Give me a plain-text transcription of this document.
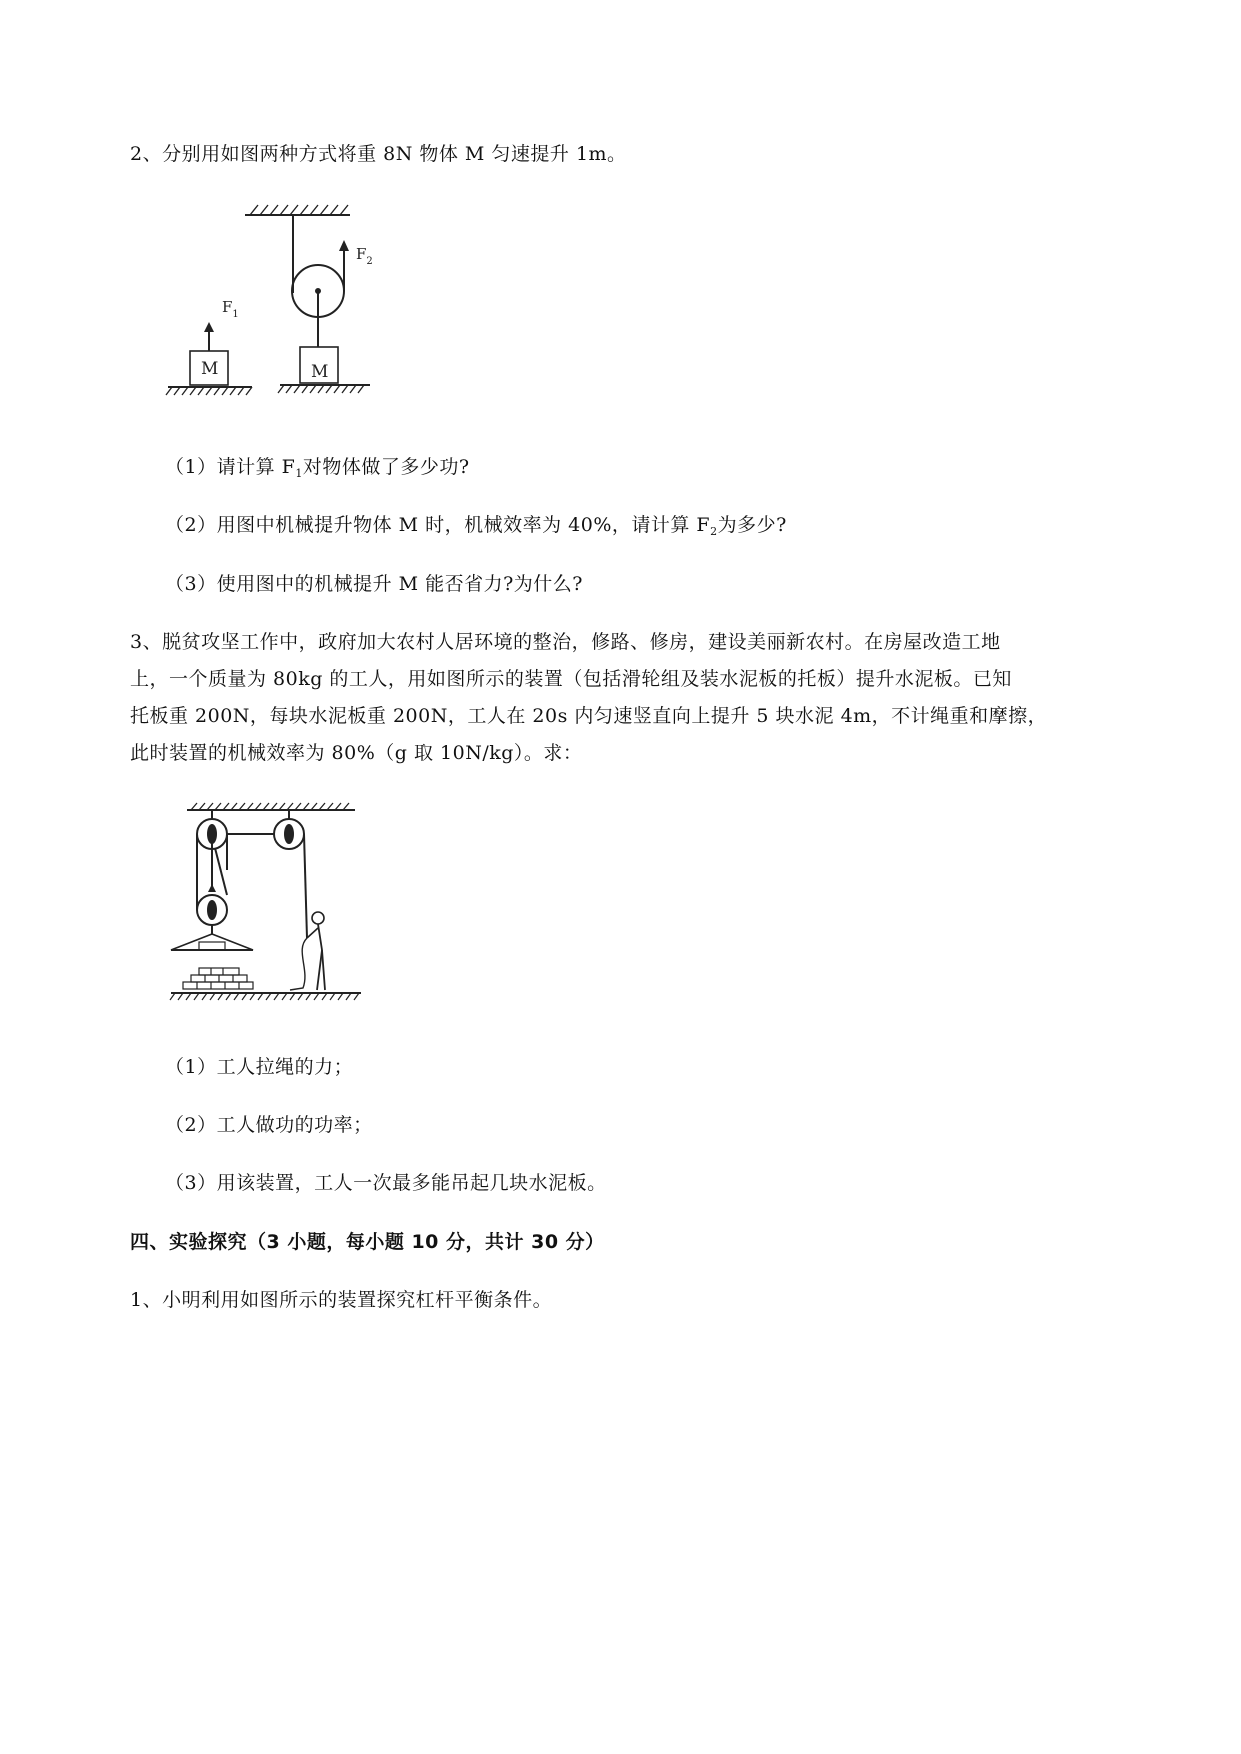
2、分别用如图两种方式将重 8N 物体 M 匀速提升 1m。
$F_1$
$F_2$
M	M
（1）请计算 $F_1$对物体做了多少功?
（2）用图中机械提升物体 M 时，机械效率为 40%，请计算 $F_2$为多少?
（3）使用图中的机械提升 M 能否省力?为什么?
3、脱贫攻坚工作中，政府加大农村人居环境的整治，修路、修房，建设美丽新农村。在房屋改造工地
上，一个质量为 80kg 的工人，用如图所示的装置（包括滑轮组及装水泥板的托板）提升水泥板。已知
托板重 200N，每块水泥板重 200N，工人在 20s 内匀速竖直向上提升 5 块水泥 4m，不计绳重和摩擦，
此时装置的机械效率为 80%（g 取 10N/kg）。求：
（1）工人拉绳的力；
（2）工人做功的功率；
（3）用该装置，工人一次最多能吊起几块水泥板。
四、实验探究（3 小题，每小题 10 分，共计 30 分）
1、小明利用如图所示的装置探究杠杆平衡条件。
